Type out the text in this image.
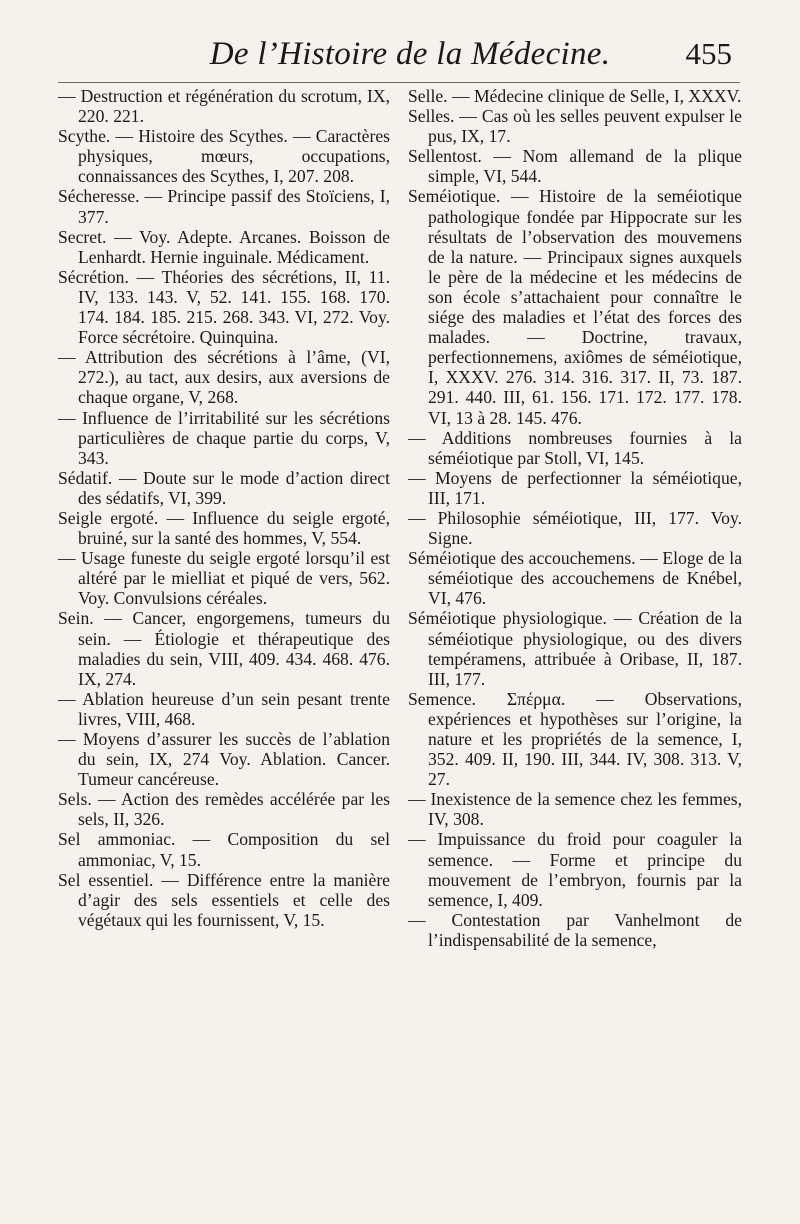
De l’Histoire de la Médecine.	455

— Destruction et régénération du scrotum, IX, 220. 221.

Scythe. — Histoire des Scythes. — Caractères physiques, mœurs, occupations, connaissances des Scythes, I, 207. 208.

Sécheresse. — Principe passif des Stoïciens, I, 377.

Secret. — Voy. Adepte. Arcanes. Boisson de Lenhardt. Hernie inguinale. Médicament.

Sécrétion. — Théories des sécrétions, II, 11. IV, 133. 143. V, 52. 141. 155. 168. 170. 174. 184. 185. 215. 268. 343. VI, 272. Voy. Force sécrétoire. Quinquina.

— Attribution des sécrétions à l’âme, (VI, 272.), au tact, aux desirs, aux aversions de chaque organe, V, 268.

— Influence de l’irritabilité sur les sécrétions particulières de chaque partie du corps, V, 343.

Sédatif. — Doute sur le mode d’action direct des sédatifs, VI, 399.

Seigle ergoté. — Influence du seigle ergoté, bruiné, sur la santé des hommes, V, 554.

— Usage funeste du seigle ergoté lorsqu’il est altéré par le mielliat et piqué de vers, 562. Voy. Convulsions céréales.

Sein. — Cancer, engorgemens, tumeurs du sein. — Étiologie et thérapeutique des maladies du sein, VIII, 409. 434. 468. 476. IX, 274.

— Ablation heureuse d’un sein pesant trente livres, VIII, 468.

— Moyens d’assurer les succès de l’ablation du sein, IX, 274 Voy. Ablation. Cancer. Tumeur cancéreuse.

Sels. — Action des remèdes accélérée par les sels, II, 326.

Sel ammoniac. — Composition du sel ammoniac, V, 15.

Sel essentiel. — Différence entre la manière d’agir des sels essentiels et celle des végétaux qui les fournissent, V, 15.

Selle. — Médecine clinique de Selle, I, XXXV.

Selles. — Cas où les selles peuvent expulser le pus, IX, 17.

Sellentost. — Nom allemand de la plique simple, VI, 544.

Seméiotique. — Histoire de la seméiotique pathologique fondée par Hippocrate sur les résultats de l’observation des mouvemens de la nature. — Principaux signes auxquels le père de la médecine et les médecins de son école s’attachaient pour connaître le siége des maladies et l’état des forces des malades. — Doctrine, travaux, perfectionnemens, axiômes de séméiotique, I, XXXV. 276. 314. 316. 317. II, 73. 187. 291. 440. III, 61. 156. 171. 172. 177. 178. VI, 13 à 28. 145. 476.

— Additions nombreuses fournies à la séméiotique par Stoll, VI, 145.

— Moyens de perfectionner la séméiotique, III, 171.

— Philosophie séméiotique, III, 177. Voy. Signe.

Séméiotique des accouchemens. — Eloge de la séméiotique des accouchemens de Knébel, VI, 476.

Séméiotique physiologique. — Création de la séméiotique physiologique, ou des divers tempéramens, attribuée à Oribase, II, 187. III, 177.

Semence. Σπέρμα. — Observations, expériences et hypothèses sur l’origine, la nature et les propriétés de la semence, I, 352. 409. II, 190. III, 344. IV, 308. 313. V, 27.

— Inexistence de la semence chez les femmes, IV, 308.

— Impuissance du froid pour coaguler la semence. — Forme et principe du mouvement de l’embryon, fournis par la semence, I, 409.

— Contestation par Vanhelmont de l’indispensabilité de la semence,
